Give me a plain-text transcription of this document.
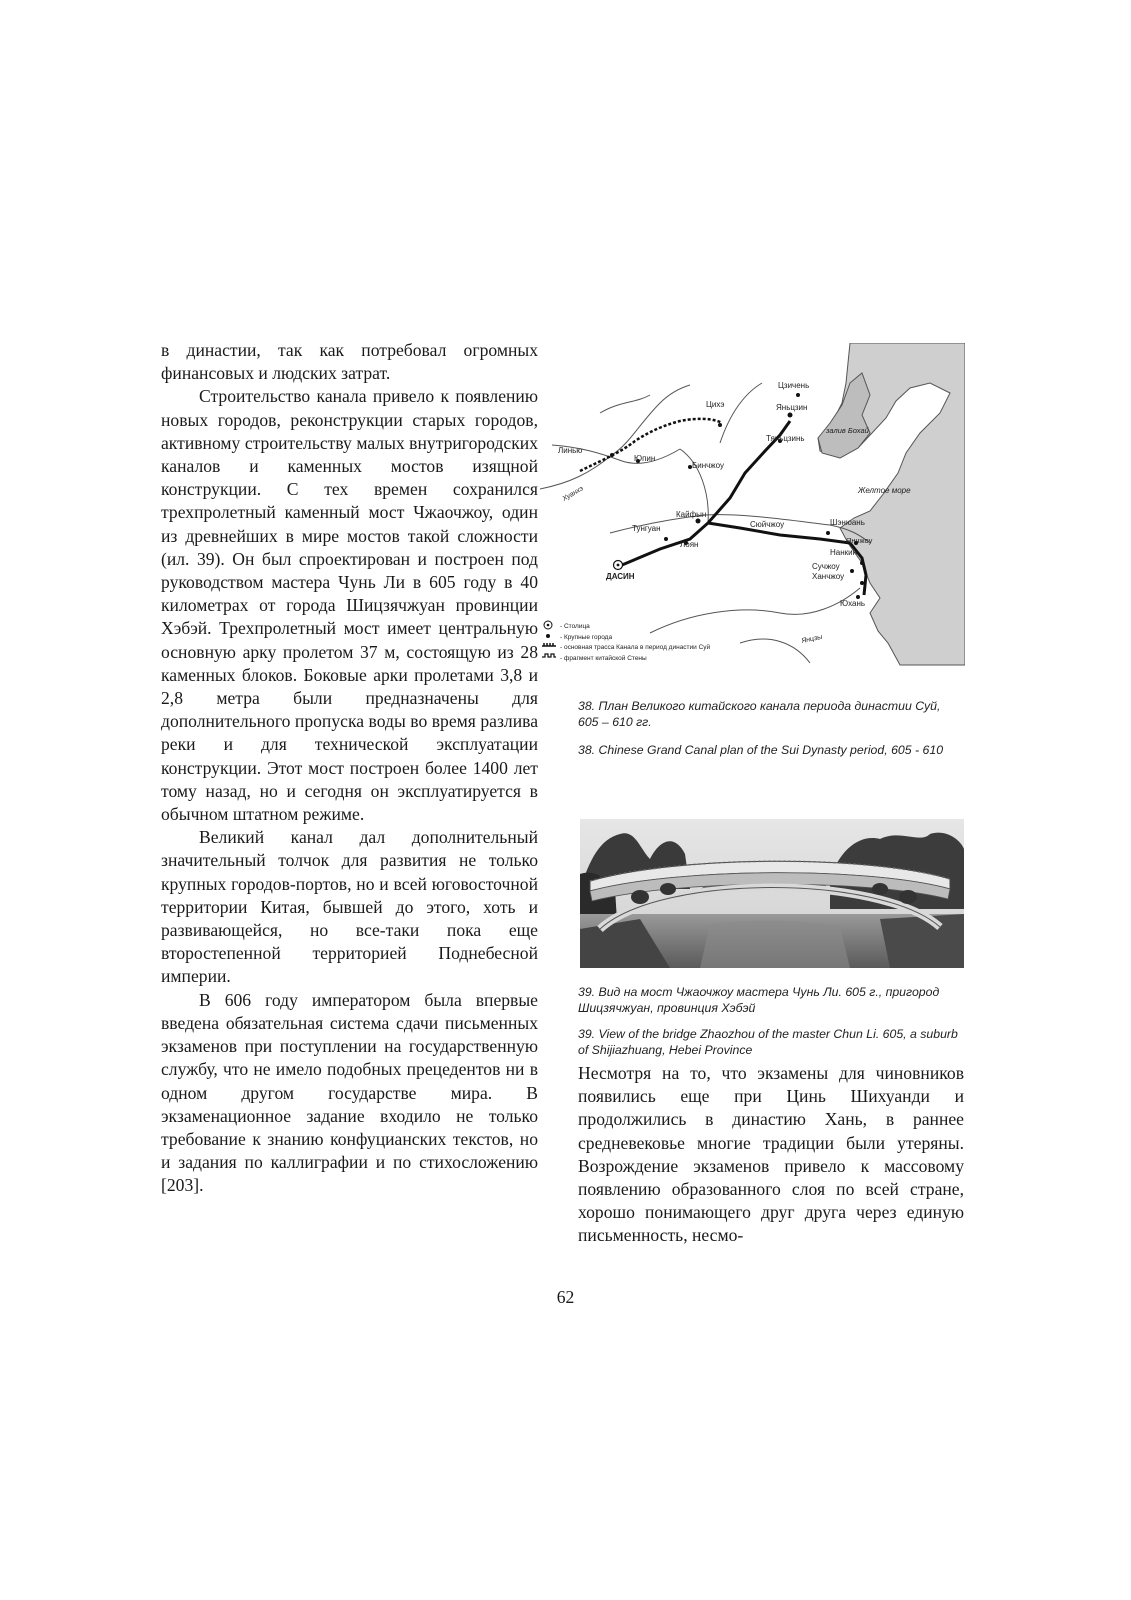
в династии, так как потребовал огромных финансовых и людских затрат.

Строительство канала привело к появлению новых городов, реконструкции старых городов, активному строительству малых внутригородских каналов и каменных мостов изящной конструкции. С тех времен сохранился трехпролетный каменный мост Чжаочжоу, один из древнейших в мире мостов такой сложности (ил. 39). Он был спроектирован и построен под руководством мастера Чунь Ли в 605 году в 40 километрах от города Шицзячжуан провинции Хэбэй. Трехпролетный мост имеет центральную основную арку пролетом 37 м, состоящую из 28 каменных блоков. Боковые арки пролетами 3,8 и 2,8 метра были предназначены для дополнительного пропуска воды во время разлива реки и для технической эксплуатации конструкции. Этот мост построен более 1400 лет тому назад, но и сегодня он эксплуатируется в обычном штатном режиме.

Великий канал дал дополнительный значительный толчок для развития не только крупных городов-портов, но и всей юговосточной территории Китая, бывшей до этого, хоть и развивающейся, но все-таки пока еще второстепенной территорией Поднебесной империи.

В 606 году императором была впервые введена обязательная система сдачи письменных экзаменов при поступлении на государственную службу, что не имело подобных прецедентов ни в одном другом государстве мира. В экзаменационное задание входило не только требование к знанию конфуцианских текстов, но и задания по каллиграфии и по стихосложению [203].

Цзичень
Яньцзин
Цихэ
Тяньцзинь
залив Бохай
Линью
Юпин
Бинчжоу
Хуанхэ	Желтое море
Кайфын
Сюйчжоу	Шэнюань
Тунгуан
Лоян	Янчжоу
Нанкин
ДАСИН
Сучжоу
Ханчжоу
Юхань
Янцзы
- Столица
- Крупные города
- основная трасса Канала в период династии Суй
- фрагмент китайской Стены
38. План Великого китайского канала периода династии Суй, 605 – 610 гг.
38. Chinese Grand Canal plan of the Sui Dynasty period, 605 - 610
39. Вид на мост Чжаочжоу мастера Чунь Ли. 605 г., пригород Шицзячжуан, провинция Хэбэй
39. View of the bridge Zhaozhou of the master Chun Li. 605, a suburb of Shijiazhuang, Hebei Province

Несмотря на то, что экзамены для чиновников появились еще при Цинь Шихуанди и продолжились в династию Хань, в раннее средневековье многие традиции были утеряны. Возрождение экзаменов привело к массовому появлению образованного слоя по всей стране, хорошо понимающего друг друга через единую письменность, несмо-

62
